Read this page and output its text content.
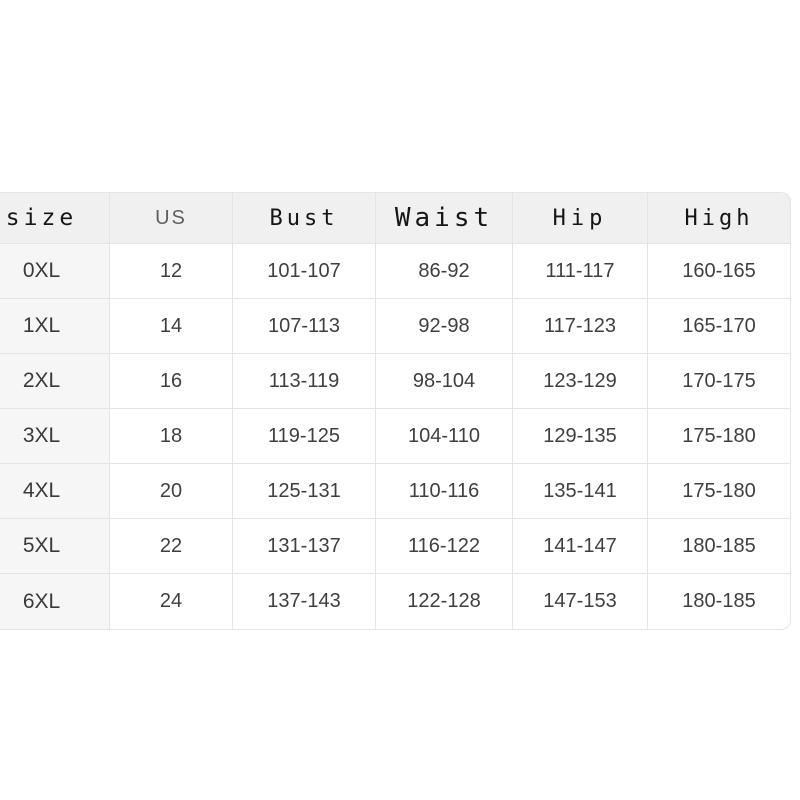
size	US	Bust	Waist	Hip	High
0XL	12	101-107	86-92	111-117	160-165
1XL	14	107-113	92-98	117-123	165-170
2XL	16	113-119	98-104	123-129	170-175
3XL	18	119-125	104-110	129-135	175-180
4XL	20	125-131	110-116	135-141	175-180
5XL	22	131-137	116-122	141-147	180-185
6XL	24	137-143	122-128	147-153	180-185
